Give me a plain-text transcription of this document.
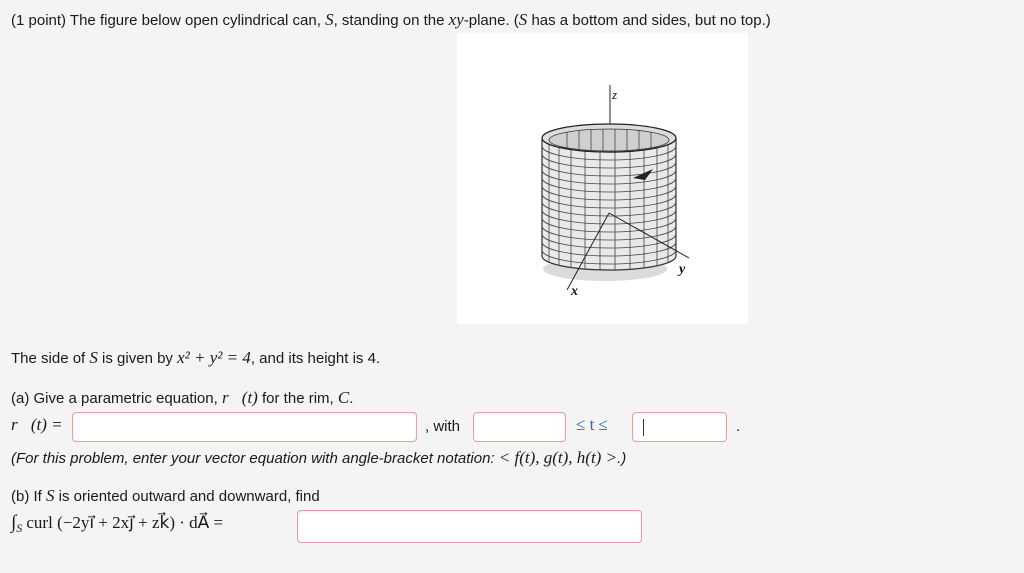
(1 point) The figure below open cylindrical can, S, standing on the xy-plane. (S has a bottom and sides, but no top.)
z
y
x
The side of S is given by x² + y² = 4, and its height is 4.
(a) Give a parametric equation, r⃗(t) for the rim, C.
r⃗(t) =	, with	≤ t ≤	.
(For this problem, enter your vector equation with angle-bracket notation: < f(t), g(t), h(t) >.)
(b) If S is oriented outward and downward, find
$\int_S$ curl (−2yi⃗ + 2xj⃗ + zk⃗) · dA⃗ =
